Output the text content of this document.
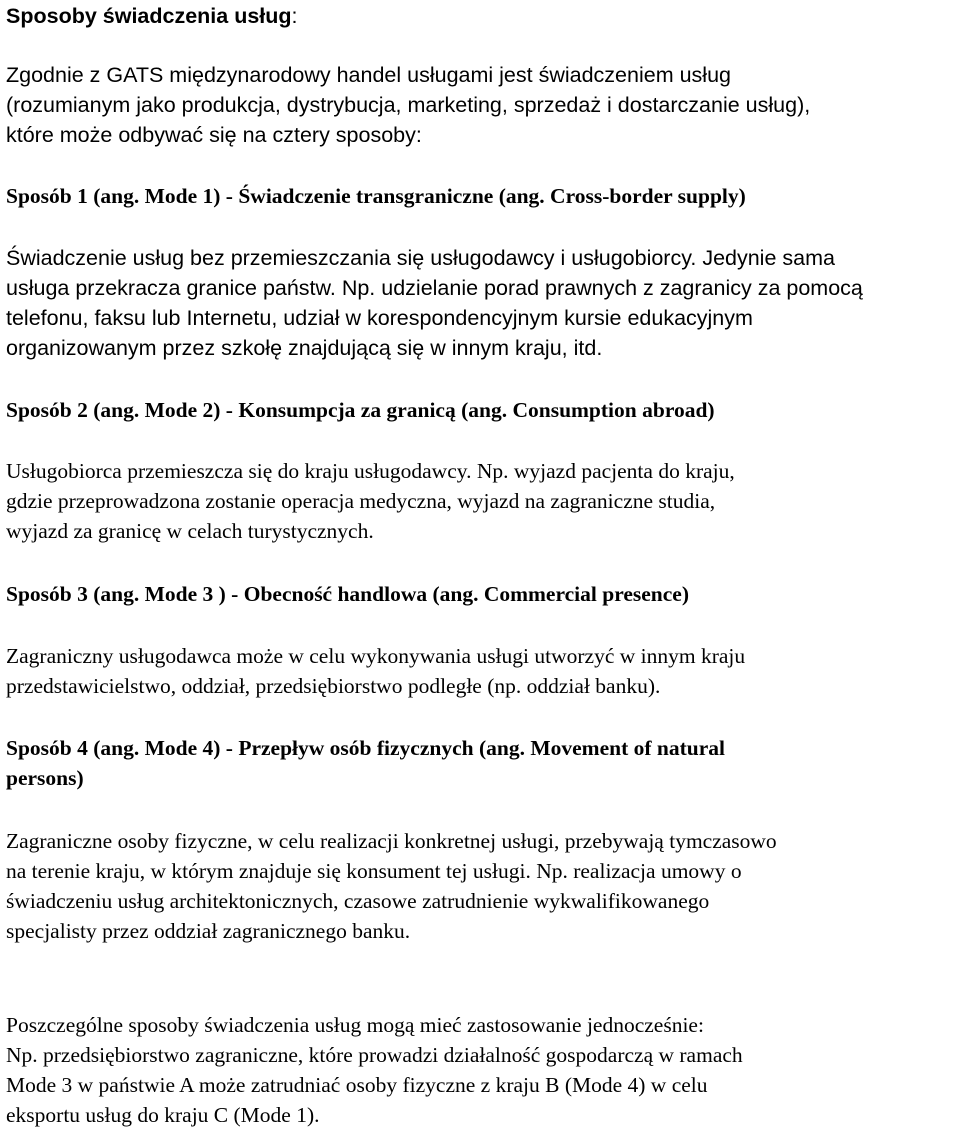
Sposoby świadczenia usług:
Zgodnie z GATS międzynarodowy handel usługami jest świadczeniem usług
(rozumianym jako produkcja, dystrybucja, marketing, sprzedaż i dostarczanie usług),
które może odbywać się na cztery sposoby:
Sposób 1 (ang. Mode 1) - Świadczenie transgraniczne (ang. Cross-border supply)
Świadczenie usług bez przemieszczania się usługodawcy i usługobiorcy. Jedynie sama
usługa przekracza granice państw. Np. udzielanie porad prawnych z zagranicy za pomocą
telefonu, faksu lub Internetu, udział w korespondencyjnym kursie edukacyjnym
organizowanym przez szkołę znajdującą się w innym kraju, itd.
Sposób 2 (ang. Mode 2) - Konsumpcja za granicą (ang. Consumption abroad)
Usługobiorca przemieszcza się do kraju usługodawcy. Np. wyjazd pacjenta do kraju,
gdzie przeprowadzona zostanie operacja medyczna, wyjazd na zagraniczne studia,
wyjazd za granicę w celach turystycznych.
Sposób 3 (ang. Mode 3 ) - Obecność handlowa (ang. Commercial presence)
Zagraniczny usługodawca może w celu wykonywania usługi utworzyć w innym kraju
przedstawicielstwo, oddział, przedsiębiorstwo podległe (np. oddział banku).
Sposób 4 (ang. Mode 4) - Przepływ osób fizycznych (ang. Movement of natural
persons)
Zagraniczne osoby fizyczne, w celu realizacji konkretnej usługi, przebywają tymczasowo
na terenie kraju, w którym znajduje się konsument tej usługi. Np. realizacja umowy o
świadczeniu usług architektonicznych, czasowe zatrudnienie wykwalifikowanego
specjalisty przez oddział zagranicznego banku.
Poszczególne sposoby świadczenia usług mogą mieć zastosowanie jednocześnie:
Np. przedsiębiorstwo zagraniczne, które prowadzi działalność gospodarczą w ramach
Mode 3 w państwie A może zatrudniać osoby fizyczne z kraju B (Mode 4) w celu
eksportu usług do kraju C (Mode 1).
